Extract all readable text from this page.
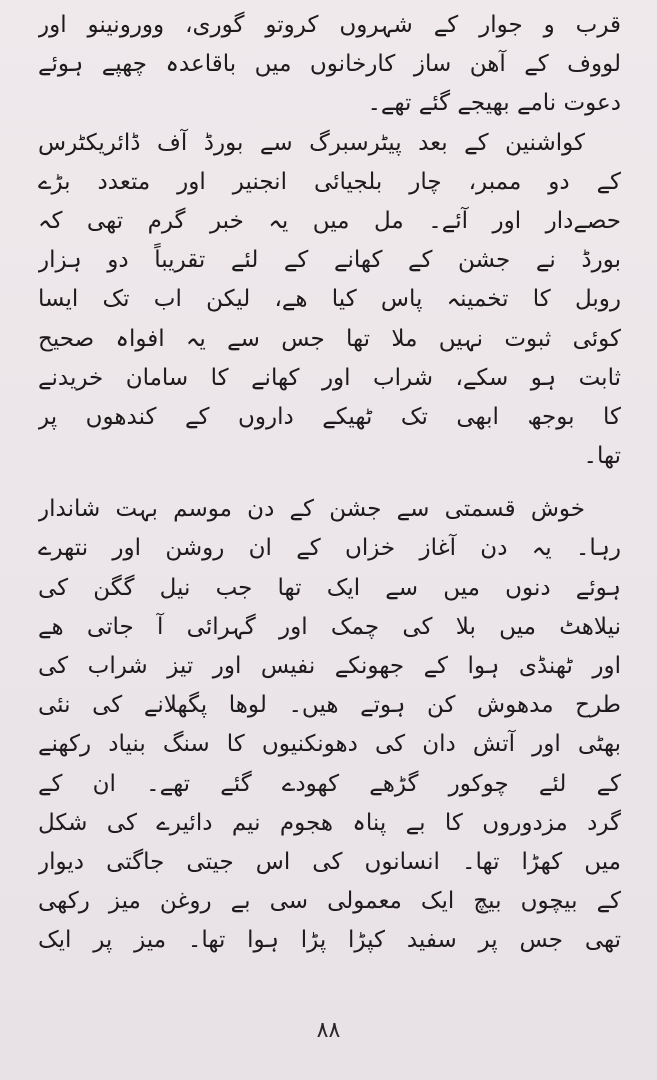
قرب و جوار کے شہروں کروتو گوری، وورونینو اور
لووف کے آھن ساز کارخانوں میں باقاعدہ چھپے ہوئے
دعوت نامے بھیجے گئے تھے۔
کواشنین کے بعد پیٹرسبرگ سے بورڈ آف ڈائریکٹرس
کے دو ممبر، چار بلجیائی انجنیر اور متعدد بڑے
حصےدار اور آئے۔ مل میں یہ خبر گرم تھی کہ
بورڈ نے جشن کے کھانے کے لئے تقریباً دو ہزار
روبل کا تخمینہ پاس کیا ھے، لیکن اب تک ایسا
کوئی ثبوت نہیں ملا تھا جس سے یہ افواہ صحیح
ثابت ہو سکے، شراب اور کھانے کا سامان خریدنے
کا بوجھ ابھی تک ٹھیکے داروں کے کندھوں پر
تھا۔
خوش قسمتی سے جشن کے دن موسم بہت شاندار
رہا۔ یہ دن آغاز خزاں کے ان روشن اور نتھرے
ہوئے دنوں میں سے ایک تھا جب نیل گگن کی
نیلاھٹ میں بلا کی چمک اور گہرائی آ جاتی ھے
اور ٹھنڈی ہوا کے جھونکے نفیس اور تیز شراب کی
طرح مدھوش کن ہوتے ھیں۔ لوھا پگھلانے کی نئی
بھٹی اور آتش دان کی دھونکنیوں کا سنگ بنیاد رکھنے
کے لئے چوکور گڑھے کھودے گئے تھے۔ ان کے
گرد مزدوروں کا بے پناہ ھجوم نیم دائیرے کی شکل
میں کھڑا تھا۔ انسانوں کی اس جیتی جاگتی دیوار
کے بیچوں بیچ ایک معمولی سی بے روغن میز رکھی
تھی جس پر سفید کپڑا پڑا ہوا تھا۔ میز پر ایک
٨٨
